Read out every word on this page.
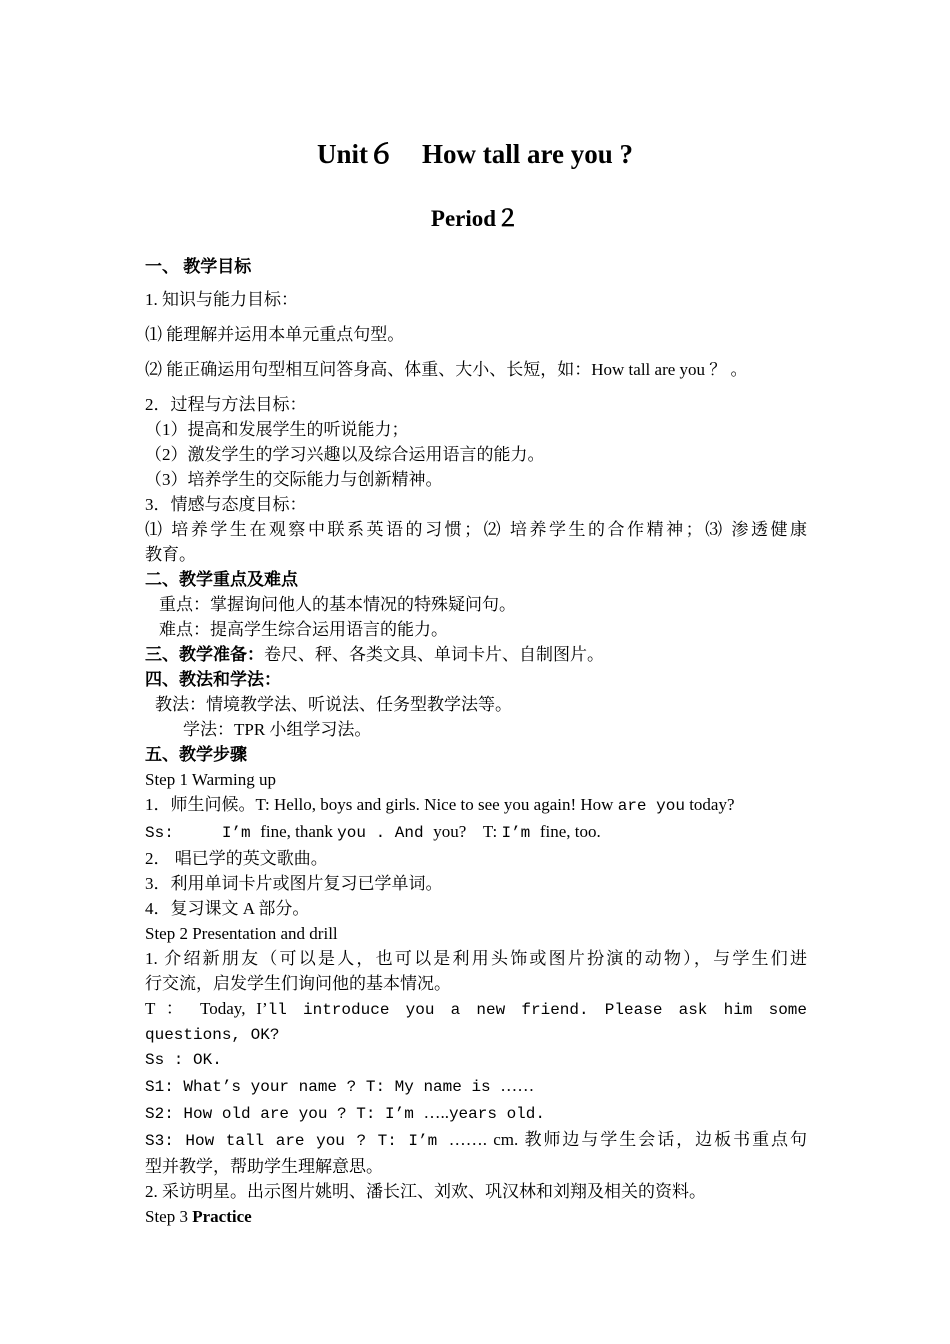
Unit６　How tall are you ?
Period２
一、 教学目标
1. 知识与能力目标：
⑴ 能理解并运用本单元重点句型。
⑵ 能正确运用句型相互问答身高、体重、大小、长短，如：How tall are you ？ 。
2．过程与方法目标：
（1）提高和发展学生的听说能力；
（2）激发学生的学习兴趣以及综合运用语言的能力。
（3）培养学生的交际能力与创新精神。
3．情感与态度目标：
⑴ 培养学生在观察中联系英语的习惯；⑵ 培养学生的合作精神；⑶ 渗透健康
教育。
二、教学重点及难点
重点：掌握询问他人的基本情况的特殊疑问句。
难点：提高学生综合运用语言的能力。
三、教学准备：卷尺、秤、各类文具、单词卡片、自制图片。
四、教法和学法：
教法：情境教学法、听说法、任务型教学法等。
学法：TPR 小组学习法。
五、教学步骤
Step 1 Warming up
1．师生问候。T: Hello, boys and girls. Nice to see you again! How are you today?
Ss:     I’m fine, thank you . And you?    T: I’m fine, too.
2． 唱已学的英文歌曲。
3．利用单词卡片或图片复习已学单词。
4．复习课文 A 部分。
Step 2 Presentation and drill
1. 介绍新朋友（可以是人，也可以是利用头饰或图片扮演的动物），与学生们进
行交流，启发学生们询问他的基本情况。
T ： Today, I’ll introduce you a new friend. Please ask him some
questions, OK?
Ss : OK.
S1: What’s your name ? T: My name is ……
S2: How old are you ? T: I’m …..years old.
S3: How tall are you ? T: I’m ……. cm. 教师边与学生会话，边板书重点句
型并教学，帮助学生理解意思。
2. 采访明星。出示图片姚明、潘长江、刘欢、巩汉林和刘翔及相关的资料。
Step 3 Practice
